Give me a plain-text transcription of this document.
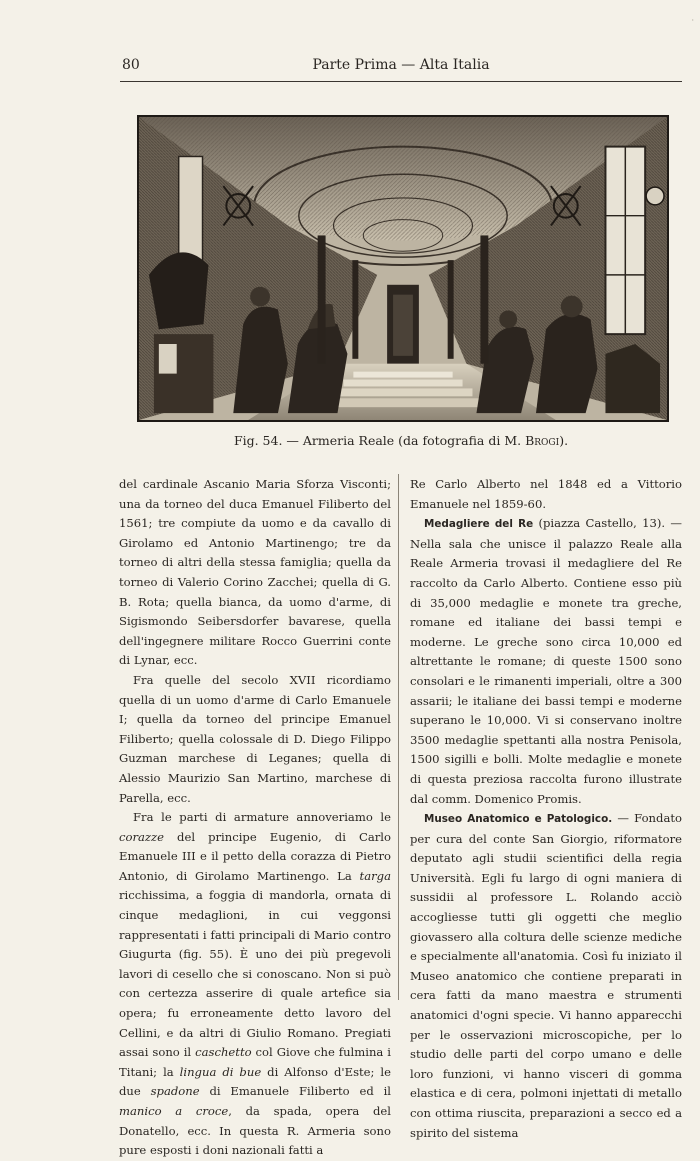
·
80	Parte Prima — Alta Italia
Fig. 54. — Armeria Reale (da fotografia di M. Brogi).

del cardinale Ascanio Maria Sforza Visconti; una da torneo del duca Emanuel Filiberto del 1561; tre compiute da uomo e da cavallo di Girolamo ed Antonio Martinengo; tre da torneo di altri della stessa famiglia; quella da torneo di Valerio Corino Zacchei; quella di G. B. Rota; quella bianca, da uomo d'arme, di Sigismondo Seibersdorfer bavarese, quella dell'ingegnere militare Rocco Guerrini conte di Lynar, ecc.

Fra quelle del secolo XVII ricordiamo quella di un uomo d'arme di Carlo Emanuele I; quella da torneo del principe Emanuel Filiberto; quella colossale di D. Diego Filippo Guzman marchese di Leganes; quella di Alessio Maurizio San Martino, marchese di Parella, ecc.

Fra le parti di armature annoveriamo le corazze del principe Eugenio, di Carlo Emanuele III e il petto della corazza di Pietro Antonio, di Girolamo Martinengo. La targa ricchissima, a foggia di mandorla, ornata di cinque medaglioni, in cui veggonsi rappresentati i fatti principali di Mario contro Giugurta (fig. 55). È uno dei più pregevoli lavori di cesello che si conoscano. Non si può con certezza asserire di quale artefice sia opera; fu erroneamente detto lavoro del Cellini, e da altri di Giulio Romano. Pregiati assai sono il caschetto col Giove che fulmina i Titani; la lingua di bue di Alfonso d'Este; le due spadone di Emanuele Filiberto ed il manico a croce, da spada, opera del Donatello, ecc. In questa R. Armeria sono pure esposti i doni nazionali fatti a

Re Carlo Alberto nel 1848 ed a Vittorio Emanuele nel 1859-60.

Medagliere del Re (piazza Castello, 13). — Nella sala che unisce il palazzo Reale alla Reale Armeria trovasi il medagliere del Re raccolto da Carlo Alberto. Contiene esso più di 35,000 medaglie e monete tra greche, romane ed italiane dei bassi tempi e moderne. Le greche sono circa 10,000 ed altrettante le romane; di queste 1500 sono consolari e le rimanenti imperiali, oltre a 300 assarii; le italiane dei bassi tempi e moderne superano le 10,000. Vi si conservano inoltre 3500 medaglie spettanti alla nostra Penisola, 1500 sigilli e bolli. Molte medaglie e monete di questa preziosa raccolta furono illustrate dal comm. Domenico Promis.

Museo Anatomico e Patologico. — Fondato per cura del conte San Giorgio, riformatore deputato agli studii scientifici della regia Università. Egli fu largo di ogni maniera di sussidii al professore L. Rolando acciò accogliesse tutti gli oggetti che meglio giovassero alla coltura delle scienze mediche e specialmente all'anatomia. Così fu iniziato il Museo anatomico che contiene preparati in cera fatti da mano maestra e strumenti anatomici d'ogni specie. Vi hanno apparecchi per le osservazioni microscopiche, per lo studio delle parti del corpo umano e delle loro funzioni, vi hanno visceri di gomma elastica e di cera, polmoni injettati di metallo con ottima riuscita, preparazioni a secco ed a spirito del sistema
